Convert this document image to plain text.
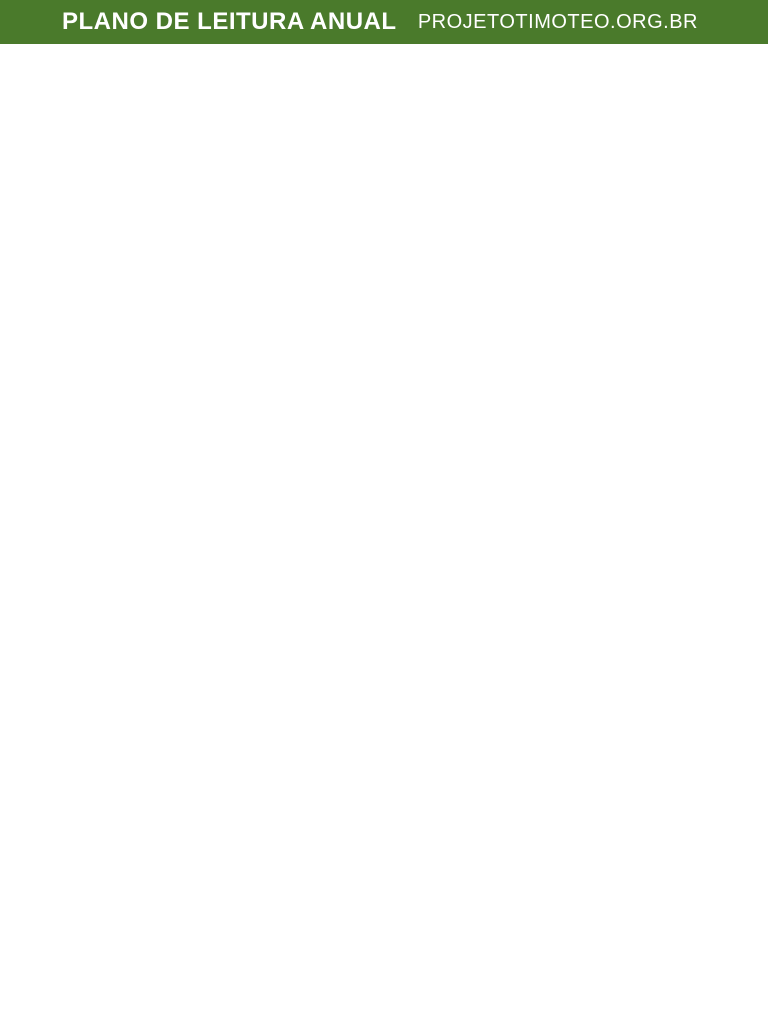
PLANO DE LEITURA ANUAL PROJETOTIMOTEO.ORG.BR
